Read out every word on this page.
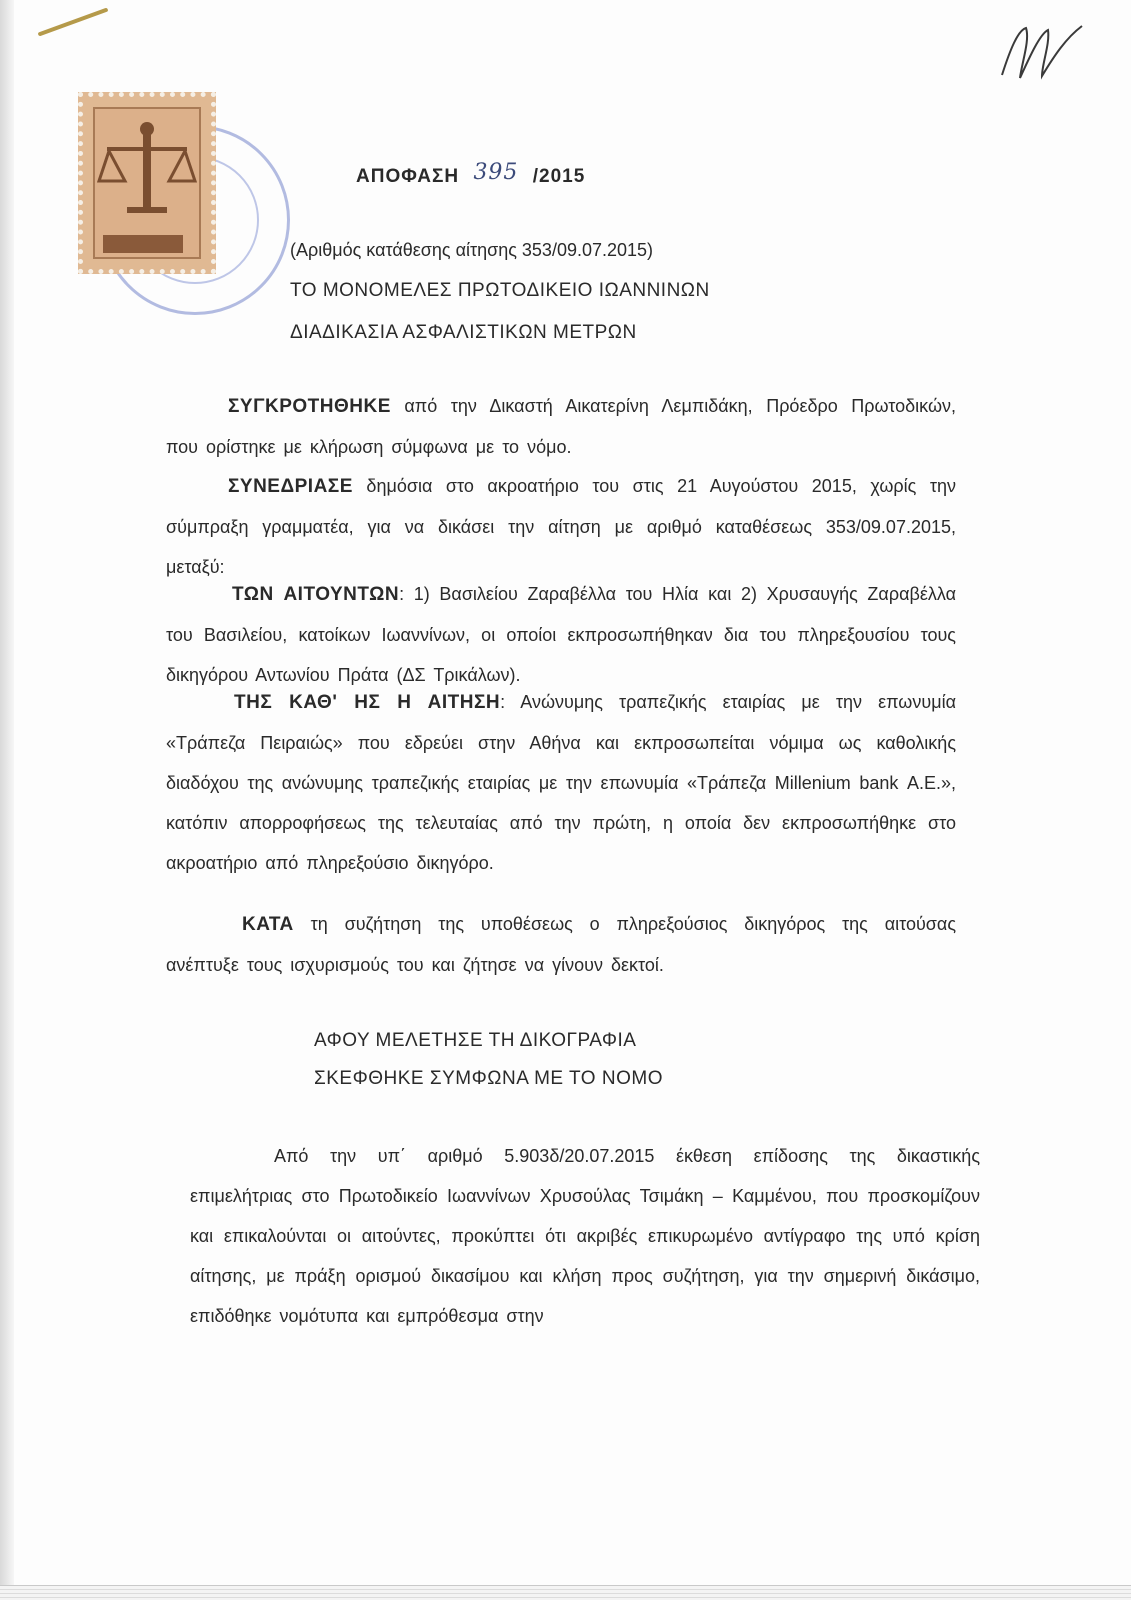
ΑΠΟΦΑΣΗ 395 /2015
(Αριθμός κατάθεσης αίτησης 353/09.07.2015)
ΤΟ ΜΟΝΟΜΕΛΕΣ ΠΡΩΤΟΔΙΚΕΙΟ ΙΩΑΝΝΙΝΩΝ
ΔΙΑΔΙΚΑΣΙΑ ΑΣΦΑΛΙΣΤΙΚΩΝ ΜΕΤΡΩΝ
ΣΥΓΚΡΟΤΗΘΗΚΕ από την Δικαστή Αικατερίνη Λεμπιδάκη, Πρόεδρο Πρωτοδικών, που ορίστηκε με κλήρωση σύμφωνα με το νόμο.
ΣΥΝΕΔΡΙΑΣΕ δημόσια στο ακροατήριο του στις 21 Αυγούστου 2015, χωρίς την σύμπραξη γραμματέα, για να δικάσει την αίτηση με αριθμό καταθέσεως 353/09.07.2015, μεταξύ:
ΤΩΝ ΑΙΤΟΥΝΤΩΝ: 1) Βασιλείου Ζαραβέλλα του Ηλία και 2) Χρυσαυγής Ζαραβέλλα του Βασιλείου, κατοίκων Ιωαννίνων, οι οποίοι εκπροσωπήθηκαν δια του πληρεξουσίου τους δικηγόρου Αντωνίου Πράτα (ΔΣ Τρικάλων).
ΤΗΣ ΚΑΘ' ΗΣ Η ΑΙΤΗΣΗ: Ανώνυμης τραπεζικής εταιρίας με την επωνυμία «Τράπεζα Πειραιώς» που εδρεύει στην Αθήνα και εκπροσωπείται νόμιμα ως καθολικής διαδόχου της ανώνυμης τραπεζικής εταιρίας με την επωνυμία «Τράπεζα Millenium bank Α.Ε.», κατόπιν απορροφήσεως της τελευταίας από την πρώτη, η οποία δεν εκπροσωπήθηκε στο ακροατήριο από πληρεξούσιο δικηγόρο.
ΚΑΤΑ τη συζήτηση της υποθέσεως ο πληρεξούσιος δικηγόρος της αιτούσας ανέπτυξε τους ισχυρισμούς του και ζήτησε να γίνουν δεκτοί.
ΑΦΟΥ ΜΕΛΕΤΗΣΕ ΤΗ ΔΙΚΟΓΡΑΦΙΑ
ΣΚΕΦΘΗΚΕ ΣΥΜΦΩΝΑ ΜΕ ΤΟ ΝΟΜΟ
Από την υπ΄ αριθμό 5.903δ/20.07.2015 έκθεση επίδοσης της δικαστικής επιμελήτριας στο Πρωτοδικείο Ιωαννίνων Χρυσούλας Τσιμάκη – Καμμένου, που προσκομίζουν και επικαλούνται οι αιτούντες, προκύπτει ότι ακριβές επικυρωμένο αντίγραφο της υπό κρίση αίτησης, με πράξη ορισμού δικασίμου και κλήση προς συζήτηση, για την σημερινή δικάσιμο, επιδόθηκε νομότυπα και εμπρόθεσμα στην
